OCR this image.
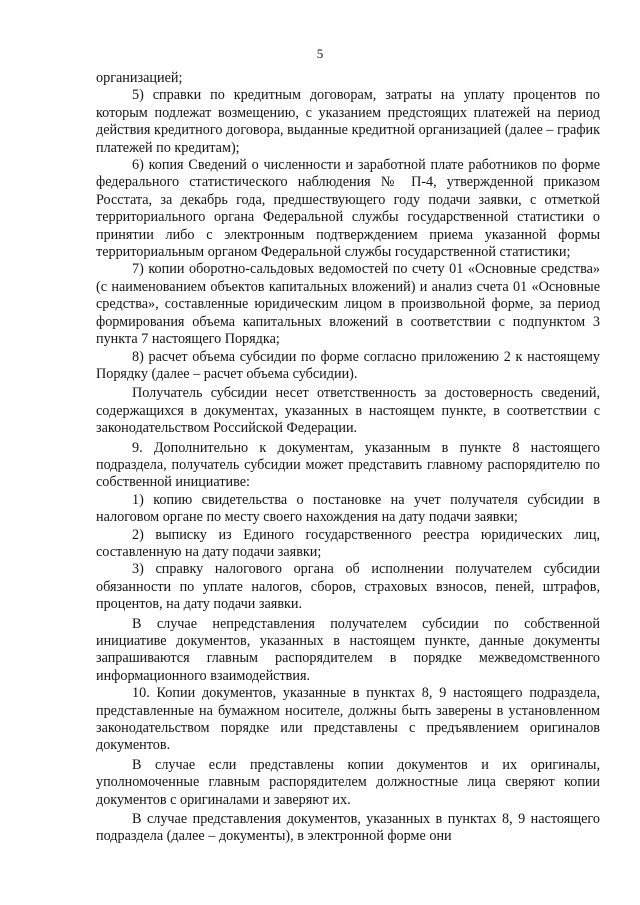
5

организацией;

5) справки по кредитным договорам, затраты на уплату процентов по которым подлежат возмещению, с указанием предстоящих платежей на период действия кредитного договора, выданные кредитной организацией (далее – график платежей по кредитам);

6) копия Сведений о численности и заработной плате работников по форме федерального статистического наблюдения № П-4, утвержденной приказом Росстата, за декабрь года, предшествующего году подачи заявки, с отметкой территориального органа Федеральной службы государственной статистики о принятии либо с электронным подтверждением приема указанной формы территориальным органом Федеральной службы государственной статистики;

7) копии оборотно-сальдовых ведомостей по счету 01 «Основные средства» (с наименованием объектов капитальных вложений) и анализ счета 01 «Основные средства», составленные юридическим лицом в произвольной форме, за период формирования объема капитальных вложений в соответствии с подпунктом 3 пункта 7 настоящего Порядка;

8) расчет объема субсидии по форме согласно приложению 2 к настоящему Порядку (далее – расчет объема субсидии).

Получатель субсидии несет ответственность за достоверность сведений, содержащихся в документах, указанных в настоящем пункте, в соответствии с законодательством Российской Федерации.

9. Дополнительно к документам, указанным в пункте 8 настоящего подраздела, получатель субсидии может представить главному распорядителю по собственной инициативе:

1) копию свидетельства о постановке на учет получателя субсидии в налоговом органе по месту своего нахождения на дату подачи заявки;

2) выписку из Единого государственного реестра юридических лиц, составленную на дату подачи заявки;

3) справку налогового органа об исполнении получателем субсидии обязанности по уплате налогов, сборов, страховых взносов, пеней, штрафов, процентов, на дату подачи заявки.

В случае непредставления получателем субсидии по собственной инициативе документов, указанных в настоящем пункте, данные документы запрашиваются главным распорядителем в порядке межведомственного информационного взаимодействия.

10. Копии документов, указанные в пунктах 8, 9 настоящего подраздела, представленные на бумажном носителе, должны быть заверены в установленном законодательством порядке или представлены с предъявлением оригиналов документов.

В случае если представлены копии документов и их оригиналы, уполномоченные главным распорядителем должностные лица сверяют копии документов с оригиналами и заверяют их.

В случае представления документов, указанных в пунктах 8, 9 настоящего подраздела (далее – документы), в электронной форме они
